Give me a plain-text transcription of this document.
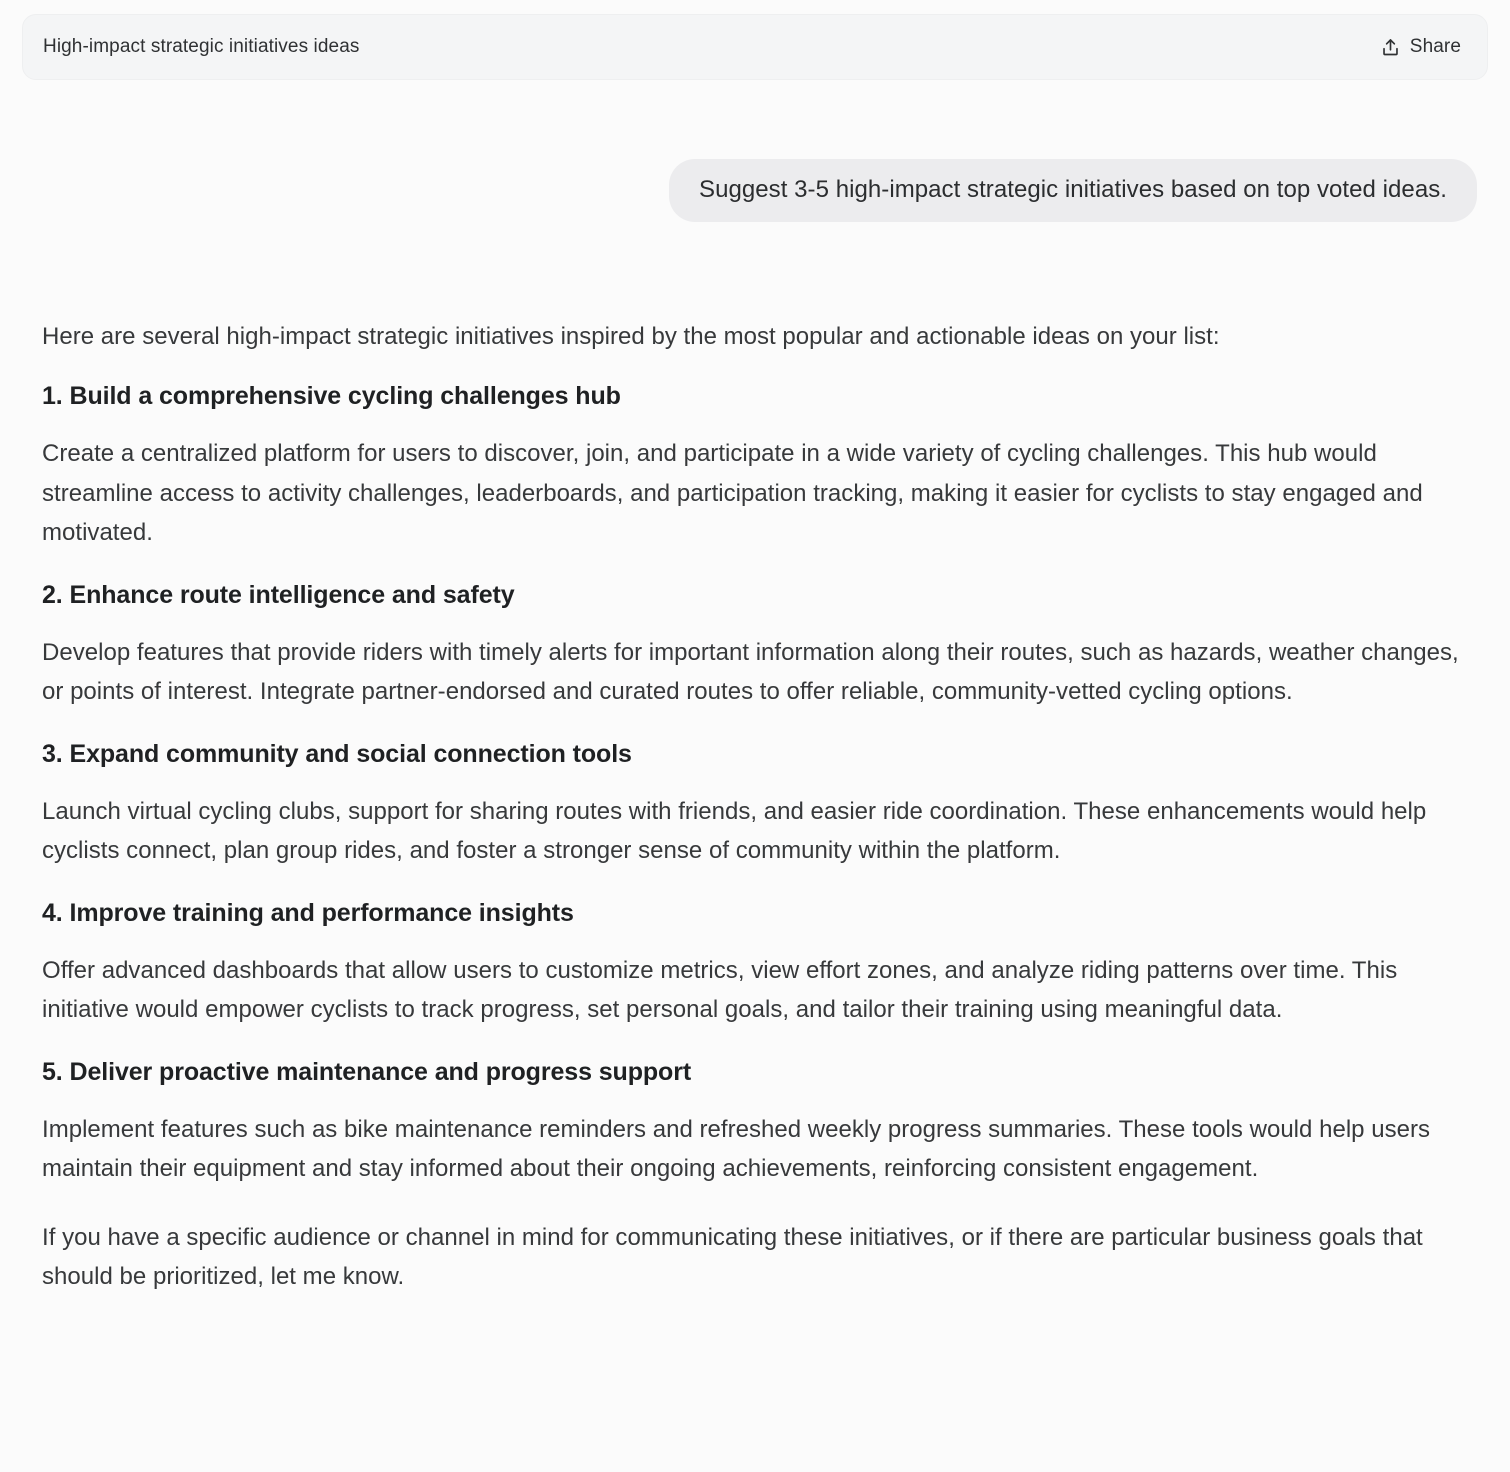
High-impact strategic initiatives ideas	Share
Suggest 3-5 high-impact strategic initiatives based on top voted ideas.

Here are several high-impact strategic initiatives inspired by the most popular and actionable ideas on your list:

1. Build a comprehensive cycling challenges hub

Create a centralized platform for users to discover, join, and participate in a wide variety of cycling challenges. This hub would streamline access to activity challenges, leaderboards, and participation tracking, making it easier for cyclists to stay engaged and motivated.

2. Enhance route intelligence and safety

Develop features that provide riders with timely alerts for important information along their routes, such as hazards, weather changes, or points of interest. Integrate partner-endorsed and curated routes to offer reliable, community-vetted cycling options.

3. Expand community and social connection tools

Launch virtual cycling clubs, support for sharing routes with friends, and easier ride coordination. These enhancements would help cyclists connect, plan group rides, and foster a stronger sense of community within the platform.

4. Improve training and performance insights

Offer advanced dashboards that allow users to customize metrics, view effort zones, and analyze riding patterns over time. This initiative would empower cyclists to track progress, set personal goals, and tailor their training using meaningful data.

5. Deliver proactive maintenance and progress support

Implement features such as bike maintenance reminders and refreshed weekly progress summaries. These tools would help users maintain their equipment and stay informed about their ongoing achievements, reinforcing consistent engagement.

If you have a specific audience or channel in mind for communicating these initiatives, or if there are particular business goals that should be prioritized, let me know.
